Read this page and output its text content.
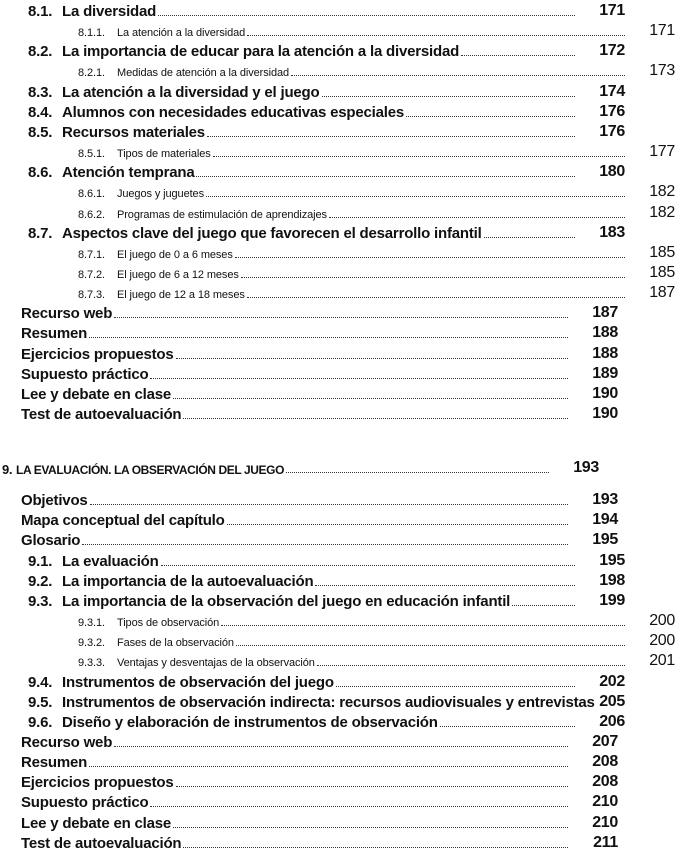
8.1. La diversidad	171
8.1.1.	La atención a la diversidad	171
8.2. La importancia de educar para la atención a la diversidad	172
8.2.1.	Medidas de atención a la diversidad	173
8.3. La atención a la diversidad y el juego	174
8.4. Alumnos con necesidades educativas especiales	176
8.5. Recursos materiales	176
8.5.1.	Tipos de materiales	177
8.6. Atención temprana	180
8.6.1.	Juegos y juguetes	182
8.6.2.	Programas de estimulación de aprendizajes	182
8.7. Aspectos clave del juego que favorecen el desarrollo infantil	183
8.7.1.	El juego de 0 a 6 meses	185
8.7.2.	El juego de 6 a 12 meses	185
8.7.3.	El juego de 12 a 18 meses	187
Recurso web	187
Resumen	188
Ejercicios propuestos	188
Supuesto práctico	189
Lee y debate en clase	190
Test de autoevaluación	190
9. LA EVALUACIÓN. LA OBSERVACIÓN DEL JUEGO	193
Objetivos	193
Mapa conceptual del capítulo	194
Glosario	195
9.1. La evaluación	195
9.2. La importancia de la autoevaluación	198
9.3. La importancia de la observación del juego en educación infantil	199
9.3.1.	Tipos de observación	200
9.3.2.	Fases de la observación	200
9.3.3.	Ventajas y desventajas de la observación	201
9.4. Instrumentos de observación del juego	202
9.5. Instrumentos de observación indirecta: recursos audiovisuales y entrevistas 205
9.6. Diseño y elaboración de instrumentos de observación	206
Recurso web	207
Resumen	208
Ejercicios propuestos	208
Supuesto práctico	210
Lee y debate en clase	210
Test de autoevaluación	211
